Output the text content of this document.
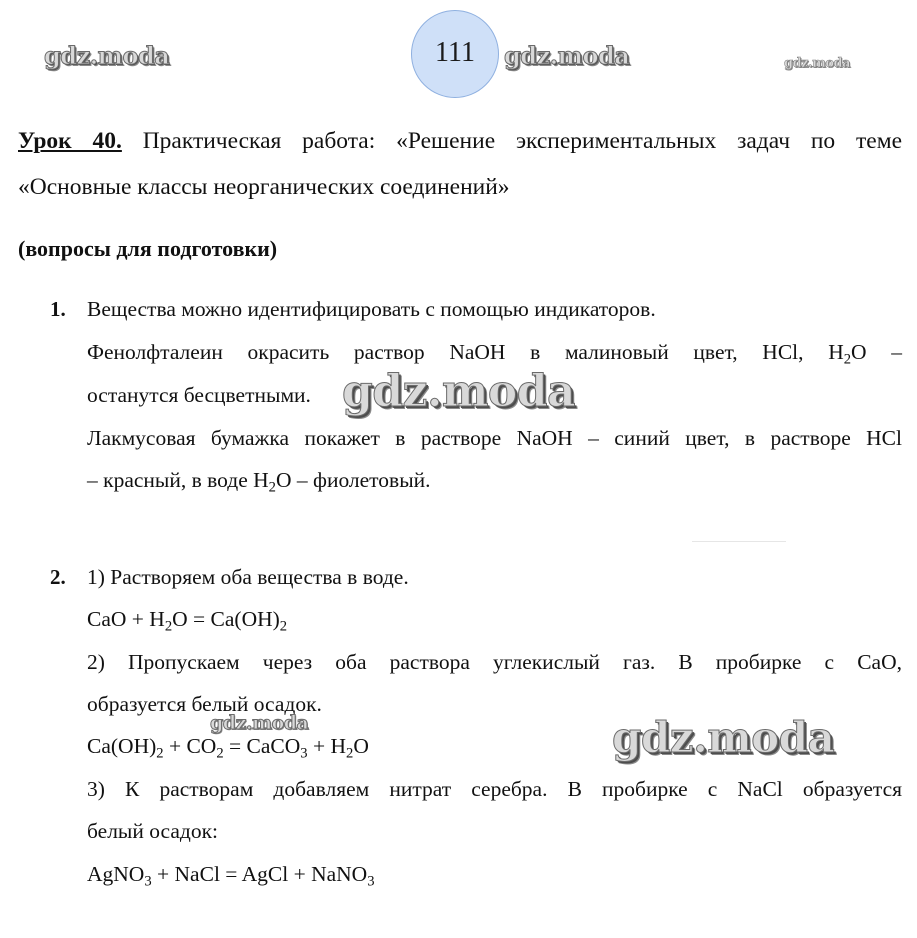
111
gdz.moda	gdz.moda	gdz.moda
Урок 40. Практическая работа: «Решение экспериментальных задач по теме
«Основные классы неорганических соединений»
(вопросы для подготовки)
1. Вещества можно идентифицировать с помощью индикаторов.
Фенолфталеин окрасить раствор NaOH в малиновый цвет, HCl, $H_2O$ –
останутся бесцветными.
Лакмусовая бумажка покажет в растворе NaOH – синий цвет, в растворе HCl
– красный, в воде $H_2O$ – фиолетовый.
gdz.moda
2. 1) Растворяем оба вещества в воде.
CaO + $H_2O = Ca(OH)_2$
2) Пропускаем через оба раствора углекислый газ. В пробирке с CaO,
образуется белый осадок.
gdz.moda
$Ca(OH)_2 + CO_2$ = CaCO$_3$ + $H_2O$	gdz.moda
3) К растворам добавляем нитрат серебра. В пробирке с NaCl образуется
белый осадок:
AgNO$_3$ + NaCl = AgCl + NaNO$_3$
